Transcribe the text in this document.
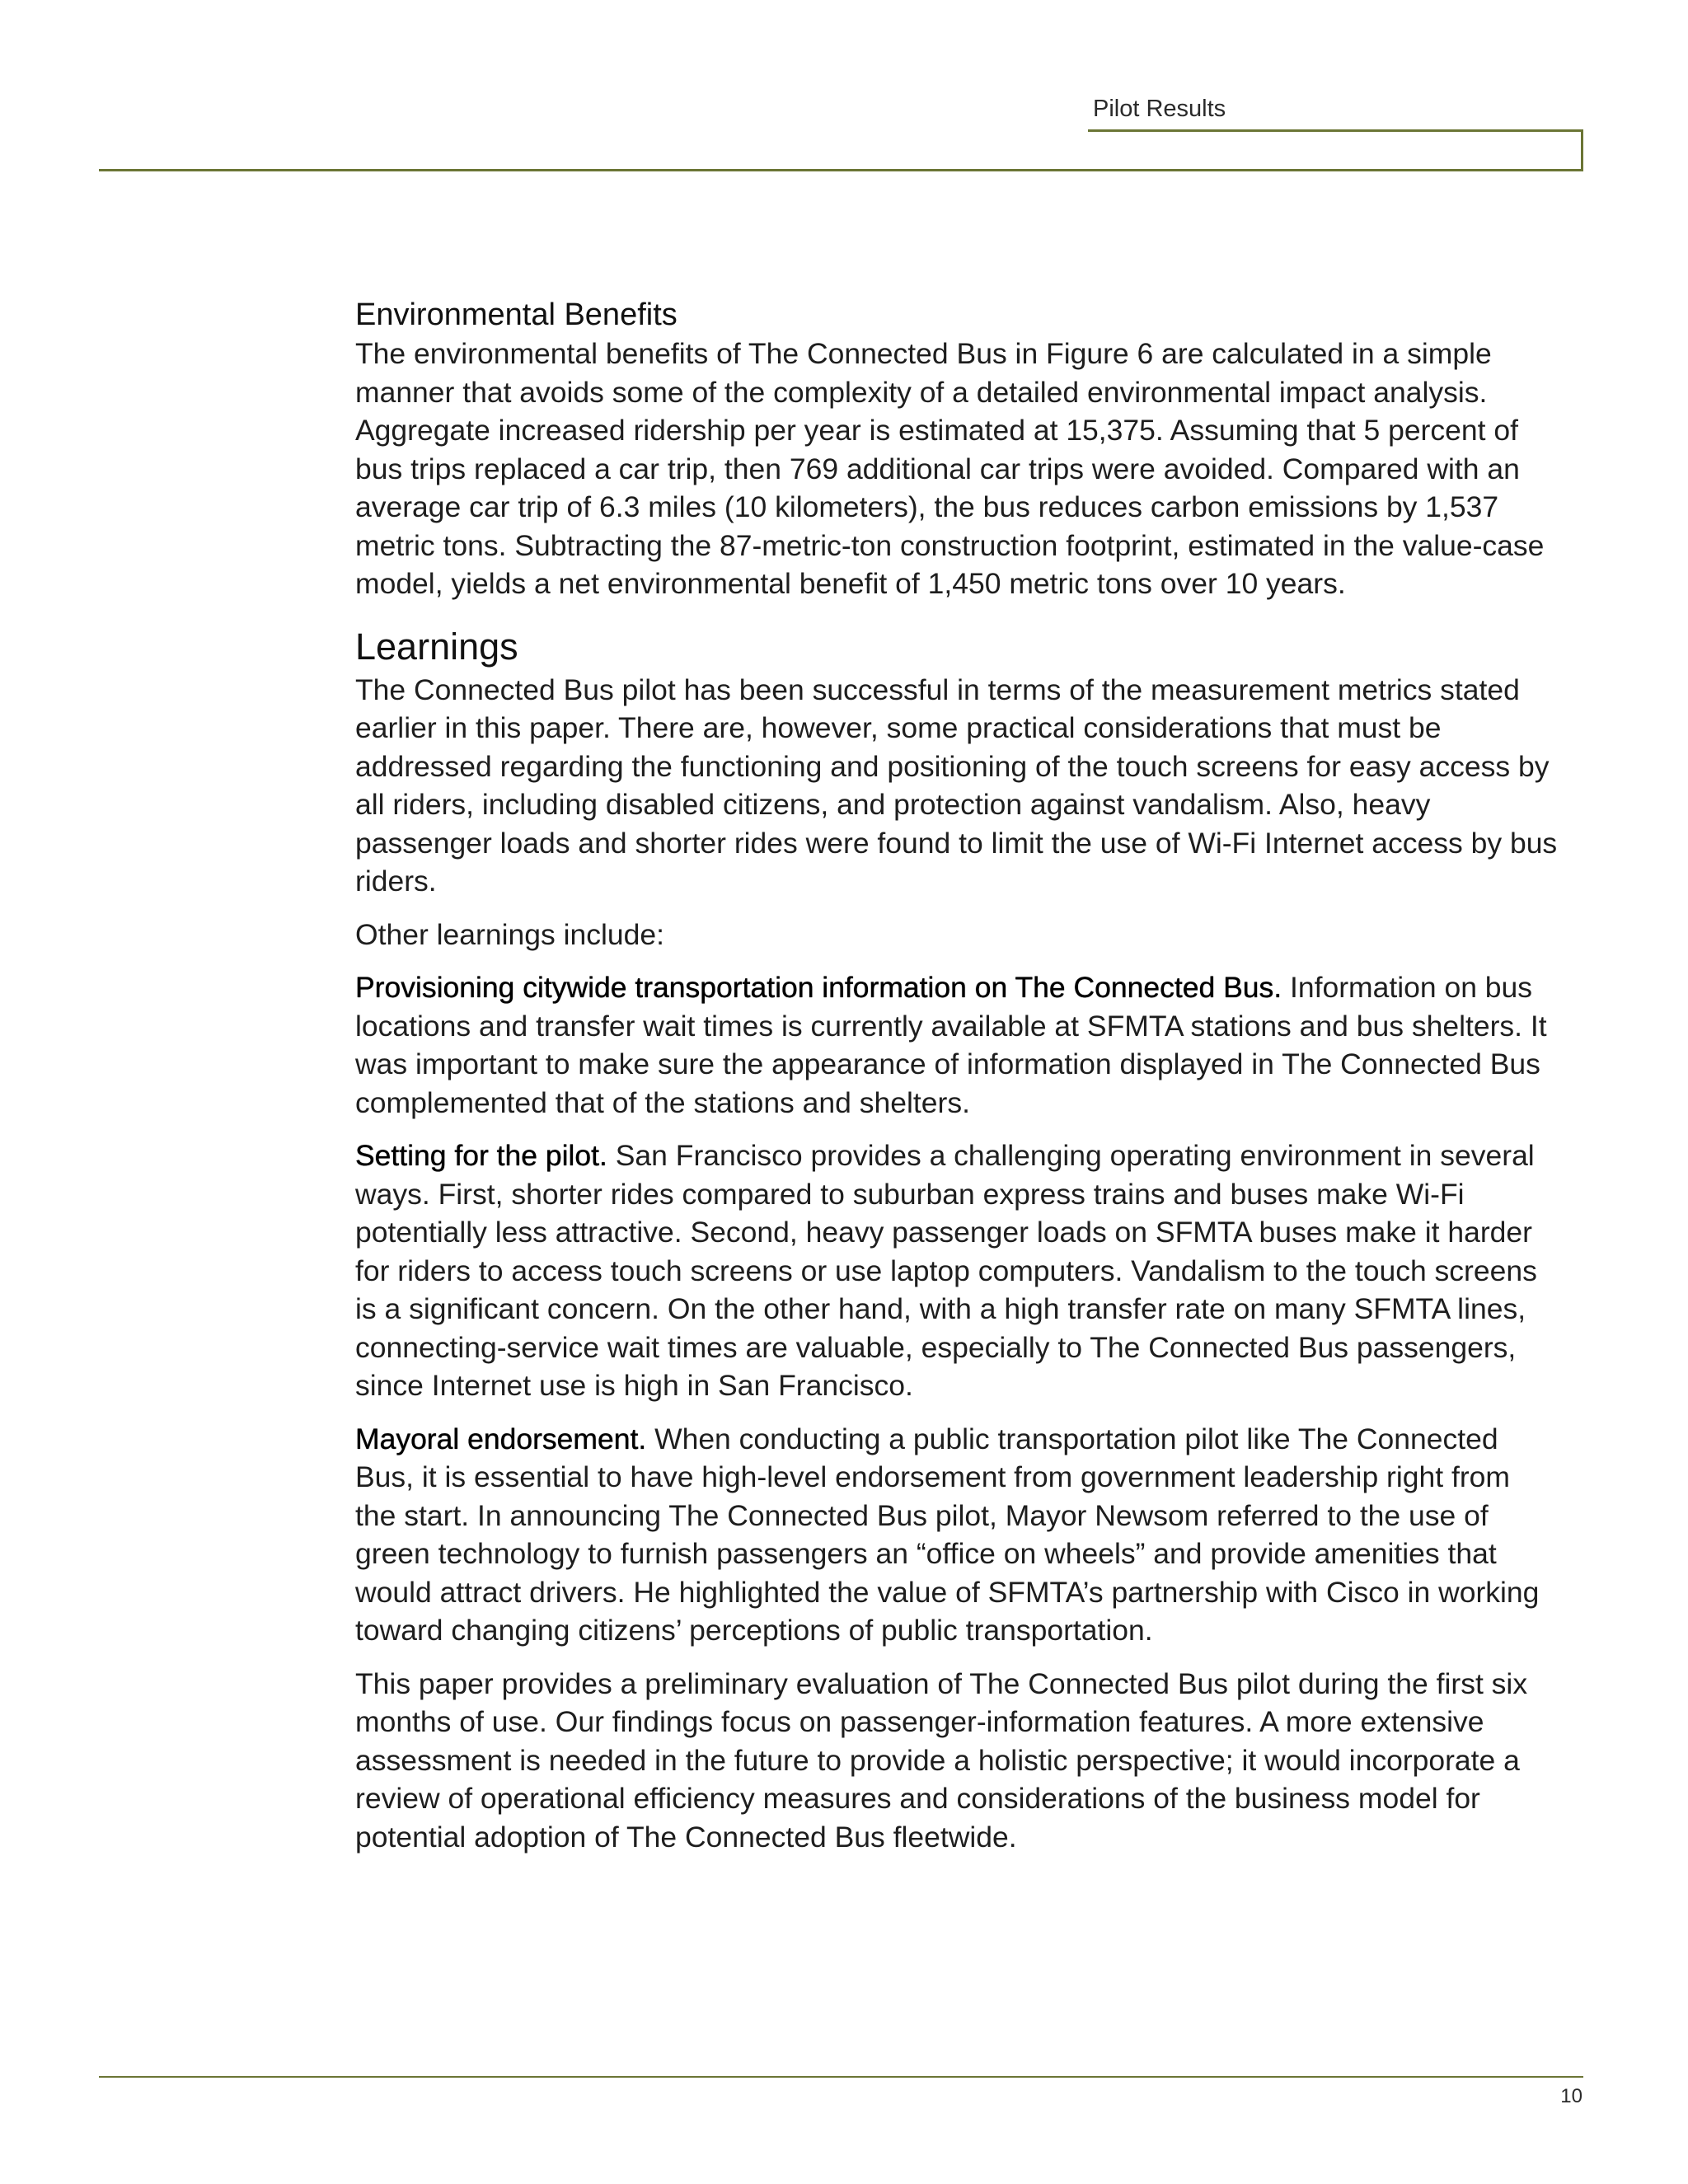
Pilot Results
Environmental Benefits

The environmental benefits of The Connected Bus in Figure 6 are calculated in a simple manner that avoids some of the complexity of a detailed environmental impact analysis. Aggregate increased ridership per year is estimated at 15,375. Assuming that 5 percent of bus trips replaced a car trip, then 769 additional car trips were avoided. Compared with an average car trip of 6.3 miles (10 kilometers), the bus reduces carbon emissions by 1,537 metric tons. Subtracting the 87-metric-ton construction footprint, estimated in the value-case model, yields a net environmental benefit of 1,450 metric tons over 10 years.

Learnings

The Connected Bus pilot has been successful in terms of the measurement metrics stated earlier in this paper. There are, however, some practical considerations that must be addressed regarding the functioning and positioning of the touch screens for easy access by all riders, including disabled citizens, and protection against vandalism. Also, heavy passenger loads and shorter rides were found to limit the use of Wi-Fi Internet access by bus riders.

Other learnings include:

Provisioning citywide transportation information on The Connected Bus. Information on bus locations and transfer wait times is currently available at SFMTA stations and bus shelters. It was important to make sure the appearance of information displayed in The Connected Bus complemented that of the stations and shelters.

Setting for the pilot. San Francisco provides a challenging operating environment in several ways. First, shorter rides compared to suburban express trains and buses make Wi-Fi potentially less attractive. Second, heavy passenger loads on SFMTA buses make it harder for riders to access touch screens or use laptop computers. Vandalism to the touch screens is a significant concern. On the other hand, with a high transfer rate on many SFMTA lines, connecting-service wait times are valuable, especially to The Connected Bus passengers, since Internet use is high in San Francisco.

Mayoral endorsement. When conducting a public transportation pilot like The Connected Bus, it is essential to have high-level endorsement from government leadership right from the start. In announcing The Connected Bus pilot, Mayor Newsom referred to the use of green technology to furnish passengers an “office on wheels” and provide amenities that would attract drivers. He highlighted the value of SFMTA’s partnership with Cisco in working toward changing citizens’ perceptions of public transportation.

This paper provides a preliminary evaluation of The Connected Bus pilot during the first six months of use. Our findings focus on passenger-information features. A more extensive assessment is needed in the future to provide a holistic perspective; it would incorporate a review of operational efficiency measures and considerations of the business model for potential adoption of The Connected Bus fleetwide.

10
